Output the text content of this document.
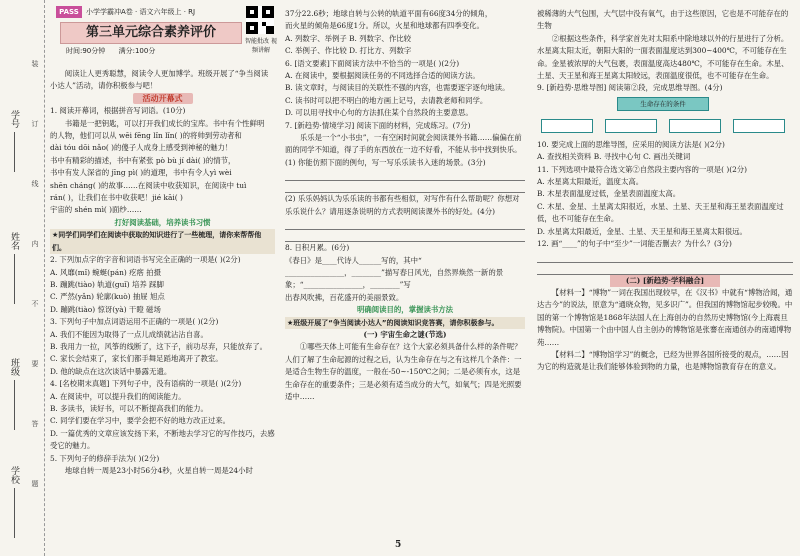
学号
姓名
班级
学校
装
订
线
内
不
要
答
题
PASS	小学学霸冲A卷 · 语文六年级上 · RJ
第三单元综合素养评价
时间:90分钟 满分:100分
智能批改 视频讲解
阅读让人更秀聪慧，阅读令人更加博学。班级开展了“争当阅读小达人”活动，请你积极参与吧！
活动开幕式
1. 阅读开幕词，根据拼音写词语。(10分)
书籍是一把钥匙，可以打开我们成长的宝库。书中有个性鲜明
的人物，他们可以从 wēi fēng lǐn lǐn( )的将帅到劳动者和
dài tóu dōi nǎo( )的傻子人成身上感受到神秘的魅力！
书中有精彩的描述，书中有紧张 pò bù jí dài( )的情节，
书中有发人深省的 jīng pì( )的道理，书中有令人yì wèi
shēn cháng( )的故事……在阅读中收获知识，在阅读中 tuì
rán( )，让我们在书中收获吧！jié kāi( )
宇宙的 shén mì( )面纱……
打好阅读基础，培养读书习惯
★同学们同学们在阅读中获取的知识进行了一些梳理，请你来帮帮他们。
2. 下列加点字的字音和词语书写完全正确的一项是( )(2分)
A. 风靡(mǐ) 蜿蜒(pán) 疙瘩 拍摄
B. 蹦跳(tiào) 轨道(guǐ) 培养 踩脚
C. 严然(yǎn) 轮廓(kuò) 抽屉 旭点
D. 蹦跳(tiào) 惊讶(yà) 干瞪 磁场
3. 下列句子中加点词语运用不正确的一项是( )(2分)
A. 我们不能因为取得了一点儿成绩就沾沾自喜。
B. 我用力一拉，风筝的线断了，这下子，前功尽弃，只能放弃了。
C. 家长会结束了，家长们都手舞足蹈地离开了教室。
D. 他的缺点在这次谈话中暴露无遗。
4. [名校期末真题] 下列句子中，没有语病的一项是( )(2分)
A. 在阅读中，可以提升我们的阅读能力。
B. 多读书，读好书，可以不断提高我们的能力。
C. 同学们要在学习中，要学会把不好的地方改正过来。
D. 一篇优秀的文章应该发扬下来，不断地去学习它的写作技巧，去感受它的魅力。
5. 下列句子的修辞手法为( )(2分)
地球自转一周是23小时56分4秒，火星自转一周是24小时
37分22.6秒；地球自转与公转的轨道平面有66度34分的倾角，
而火星的倾角是66度1分。所以，火星和地球都有四季变化。
A. 列数字、举例子 B. 列数字、作比较
C. 举例子、作比较 D. 打比方、列数字
6. [语文要素]下面阅读方法中不恰当的一项是( )(2分)
A. 在阅读中，要根据阅读任务的不同选择合适的阅读方法。
B. 读文章时，与阅读目的关联性不强的内容，也需要逐字逐句地读。
C. 读书时可以把不明白的地方画上记号，去请教老师和同学。
D. 可以用寻找中心句的方法抓住某个自然段的主要意思。
7. [新趋势·情境学习] 阅读下面的材料，完成练习。(7分)
乐乐是一个“小书虫”，一有空闲时间就会阅读课外书籍……偏偏在前面的同学不知道，得了手的东西放在一边不好看，不能从书中找到快乐。
(1) 你能仿照下面的例句，写一写乐乐读书入迷的场景。(3分)
(2) 乐乐妈妈认为乐乐读的书都有些相似，对写作有什么帮助呢？你想对乐乐说什么？请用逐条说明的方式表明阅读课外书的好处。(4分)
8. 日积月累。(6分)
《春日》是____代诗人______写的，其中“
________________，________”描写春日风光，自然界焕然一新的景象；“________________，________”写
出春风吹拂，百花盛开的美丽景致。
明确阅读目的，掌握读书方法
★班级开展了“争当阅读小达人”的阅读知识竞答赛，请你积极参与。
(一) 宇宙生命之谜(节选)
①哪些天体上可能有生命存在？这个大家必须具备什么样的条件呢？人们了解了生命起源的过程之后，认为生命存在与之有这样几个条件：一是适合生物生存的温度，一般在-50~-150℃之间；二是必须有水，这是生命存在的重要条件；三是必须有适当成分的大气，如氧气；四是光照要适中……
被稀薄的大气包围，大气层中没有氧气，由于这些原因，它也是不可能存在的生物
②根据这些条件，科学家首先对太阳系中除地球以外的行星进行了分析。水星离太阳太近，朝阳大阳的一面表面温度达到300~400℃，不可能存在生命。金星被浓厚的大气包裹，表面温度高达480℃，不可能存在生命。木星、土星、天王星和海王星离太阳较远，表面温度很低，也不可能存在生命。
9. [新趋势·思维导图] 阅读第②段，完成思维导图。(4分)
生命存在的条件
10. 要完成上面的思维导图，应采用的阅读方法是( )(2分)
A. 查找相关资料 B. 寻找中心句 C. 画出关键词
11. 下列选项中最符合选文第②自然段主要内容的一项是( )(2分)
A. 水星离太阳最近，温度太高。
B. 木星表面温度过低，金星表面温度太高。
C. 木星、金星、土星离太阳很近，水星、土星、天王星和海王星表面温度过低，也不可能存在生命。
D. 水星离太阳最近，金星、土星、天王星和海王星离太阳很远。
12. 画“____”的句子中“至少”一词能否删去？为什么？(3分)
(二) [新趋势·学科融合]
【材料一】“博物”一词在我国出现较早，在《汉书》中就有“博物洽闻，通达古今”的说法，原意为“通晓众物，见多识广”。但我国的博物馆起步较晚。中国的第一个博物馆是1868年法国人在上海创办的自然历史博物馆(今上海震旦博物院)。中国第一个由中国人自主创办的博物馆是张謇在南通创办的南通博物苑……
【材料二】“博物馆学习”的概念，已经为世界各国所接受的观点，……因为它的构造就是让我们能够体验到物的力量，也是博物馆教育存在的意义。
5
